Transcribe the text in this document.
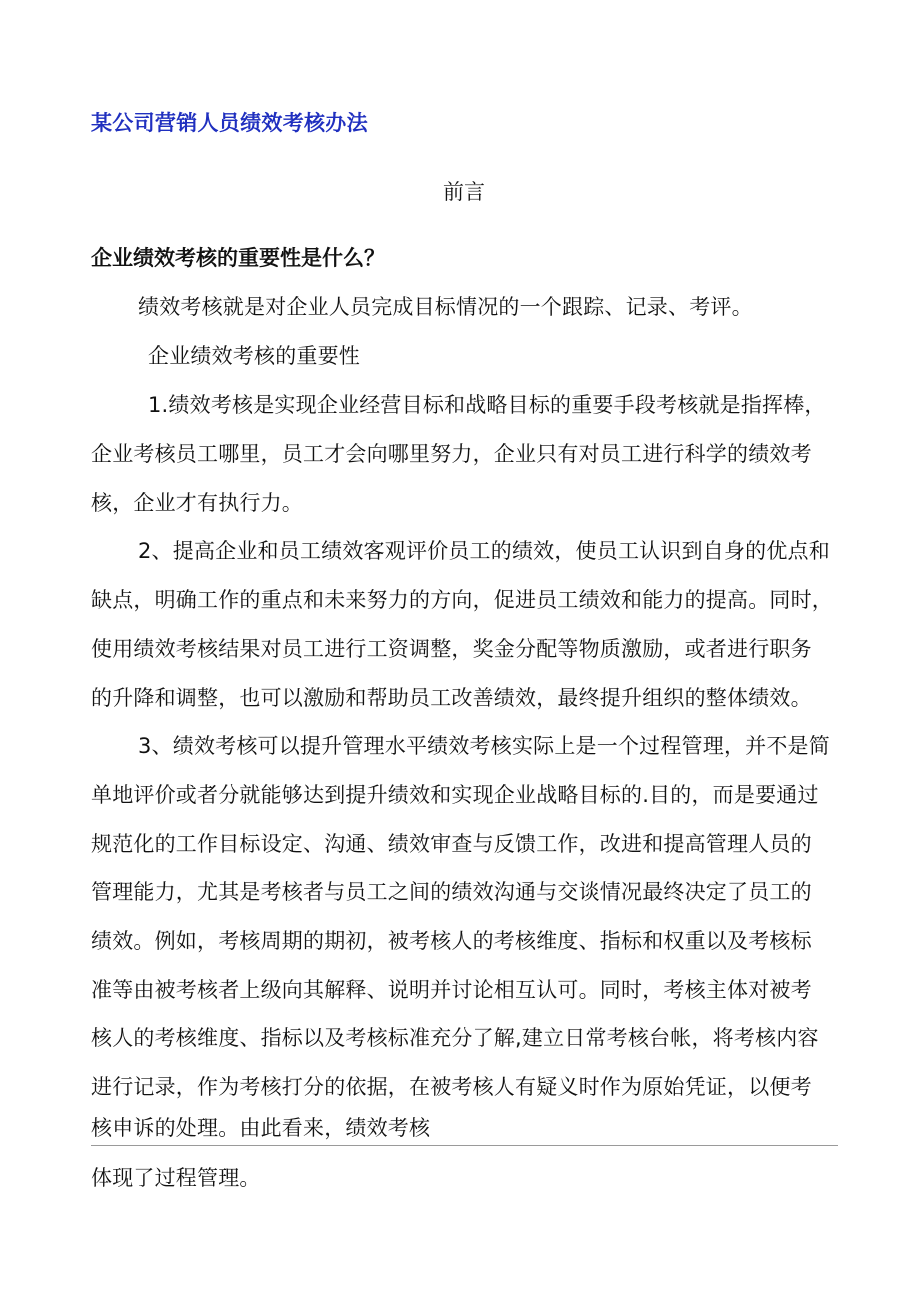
某公司营销人员绩效考核办法
前言
企业绩效考核的重要性是什么？
绩效考核就是对企业人员完成目标情况的一个跟踪、记录、考评。
企业绩效考核的重要性
1.绩效考核是实现企业经营目标和战略目标的重要手段考核就是指挥棒，
企业考核员工哪里，员工才会向哪里努力，企业只有对员工进行科学的绩效考
核，企业才有执行力。
2、提高企业和员工绩效客观评价员工的绩效，使员工认识到自身的优点和
缺点，明确工作的重点和未来努力的方向，促进员工绩效和能力的提高。同时，
使用绩效考核结果对员工进行工资调整，奖金分配等物质激励，或者进行职务
的升降和调整，也可以激励和帮助员工改善绩效，最终提升组织的整体绩效。
3、绩效考核可以提升管理水平绩效考核实际上是一个过程管理，并不是简
单地评价或者分就能够达到提升绩效和实现企业战略目标的.目的，而是要通过
规范化的工作目标设定、沟通、绩效审查与反馈工作，改进和提高管理人员的
管理能力，尤其是考核者与员工之间的绩效沟通与交谈情况最终决定了员工的
绩效。例如，考核周期的期初，被考核人的考核维度、指标和权重以及考核标
准等由被考核者上级向其解释、说明并讨论相互认可。同时，考核主体对被考
核人的考核维度、指标以及考核标准充分了解,建立日常考核台帐，将考核内容
进行记录，作为考核打分的依据，在被考核人有疑义时作为原始凭证，以便考
核申诉的处理。由此看来，绩效考核
体现了过程管理。
